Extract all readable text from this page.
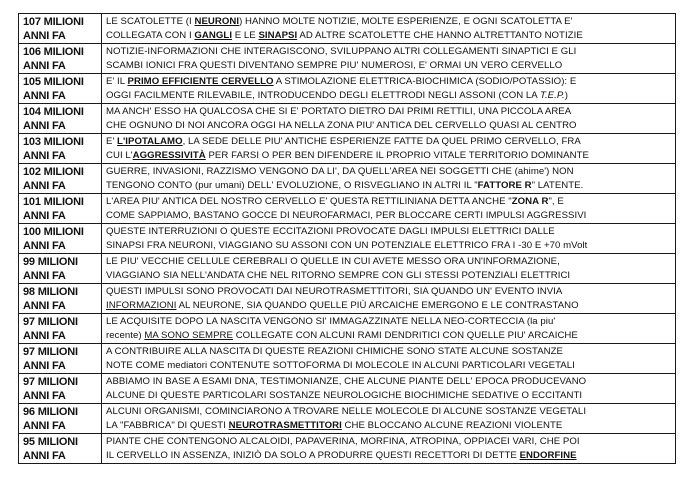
107 MILIONI
ANNI FA	LE SCATOLETTE (I NEURONI) HANNO MOLTE NOTIZIE, MOLTE ESPERIENZE, E OGNI SCATOLETTA E'
COLLEGATA CON I GANGLI E LE SINAPSI AD ALTRE SCATOLETTE CHE HANNO ALTRETTANTO NOTIZIE

106 MILIONI
ANNI FA	NOTIZIE-INFORMAZIONI CHE INTERAGISCONO, SVILUPPANO ALTRI COLLEGAMENTI SINAPTICI E GLI
SCAMBI IONICI FRA QUESTI DIVENTANO SEMPRE PIU' NUMEROSI, E' ORMAI UN VERO CERVELLO

105 MILIONI
ANNI FA	E' IL PRIMO EFFICIENTE CERVELLO A STIMOLAZIONE ELETTRICA-BIOCHIMICA (SODIO/POTASSIO): E
OGGI FACILMENTE RILEVABILE, INTRODUCENDO DEGLI ELETTRODI NEGLI ASSONI (CON LA T.E.P.)

104 MILIONI
ANNI FA	MA ANCH' ESSO HA QUALCOSA CHE SI E' PORTATO DIETRO DAI PRIMI RETTILI, UNA PICCOLA AREA
CHE OGNUNO DI NOI ANCORA OGGI HA NELLA ZONA PIU' ANTICA DEL CERVELLO QUASI AL CENTRO

103 MILIONI
ANNI FA	E' L'IPOTALAMO, LA SEDE DELLE PIU' ANTICHE ESPERIENZE FATTE DA QUEL PRIMO CERVELLO, FRA
CUI L'AGGRESSIVITÀ PER FARSI O PER BEN DIFENDERE IL PROPRIO VITALE TERRITORIO DOMINANTE

102 MILIONI
ANNI FA	GUERRE, INVASIONI, RAZZISMO VENGONO DA LI', DA QUELL'AREA NEI SOGGETTI CHE (ahime') NON
TENGONO CONTO (pur umani) DELL' EVOLUZIONE, O RISVEGLIANO IN ALTRI IL "FATTORE R" LATENTE.

101 MILIONI
ANNI FA	L'AREA PIU' ANTICA DEL NOSTRO CERVELLO E' QUESTA RETTILINIANA DETTA ANCHE "ZONA R", E
COME SAPPIAMO, BASTANO GOCCE DI NEUROFARMACI, PER BLOCCARE CERTI IMPULSI AGGRESSIVI

100 MILIONI
ANNI FA	QUESTE INTERRUZIONI O QUESTE ECCITAZIONI PROVOCATE DAGLI IMPULSI ELETTRICI DALLE
SINAPSI FRA NEURONI, VIAGGIANO SU ASSONI CON UN POTENZIALE ELETTRICO FRA I -30 E +70 mVolt

99 MILIONI
ANNI FA	LE PIU' VECCHIE CELLULE CEREBRALI O QUELLE IN CUI AVETE MESSO ORA UN'INFORMAZIONE,
VIAGGIANO SIA NELL'ANDATA CHE NEL RITORNO SEMPRE CON GLI STESSI POTENZIALI ELETTRICI

98 MILIONI
ANNI FA	QUESTI IMPULSI SONO PROVOCATI DAI NEUROTRASMETTITORI, SIA QUANDO UN' EVENTO INVIA
INFORMAZIONI AL NEURONE, SIA QUANDO QUELLE PIÙ ARCAICHE EMERGONO E LE CONTRASTANO

97 MILIONI
ANNI FA	LE ACQUISITE DOPO LA NASCITA VENGONO SI' IMMAGAZZINATE NELLA NEO-CORTECCIA (la piu'
recente) MA SONO SEMPRE COLLEGATE CON ALCUNI RAMI DENDRITICI CON QUELLE PIU' ARCAICHE

97 MILIONI
ANNI FA	A CONTRIBUIRE ALLA NASCITA DI QUESTE REAZIONI CHIMICHE SONO STATE ALCUNE SOSTANZE
NOTE COME mediatori CONTENUTE SOTTOFORMA DI MOLECOLE IN ALCUNI PARTICOLARI VEGETALI

97 MILIONI
ANNI FA	ABBIAMO IN BASE A ESAMI DNA, TESTIMONIANZE, CHE ALCUNE PIANTE DELL' EPOCA PRODUCEVANO
ALCUNE DI QUESTE PARTICOLARI SOSTANZE NEUROLOGICHE BIOCHIMICHE SEDATIVE O ECCITANTI

96 MILIONI
ANNI FA	ALCUNI ORGANISMI, COMINCIARONO A TROVARE NELLE MOLECOLE DI ALCUNE SOSTANZE VEGETALI
LA "FABBRICA" DI QUESTI NEUROTRASMETTITORI CHE BLOCCANO ALCUNE REAZIONI VIOLENTE

95 MILIONI
ANNI FA	PIANTE CHE CONTENGONO ALCALOIDI, PAPAVERINA, MORFINA, ATROPINA, OPPIACEI VARI, CHE POI
IL CERVELLO IN ASSENZA, INIZIÒ DA SOLO A PRODURRE QUESTI RECETTORI DI DETTE ENDORFINE
